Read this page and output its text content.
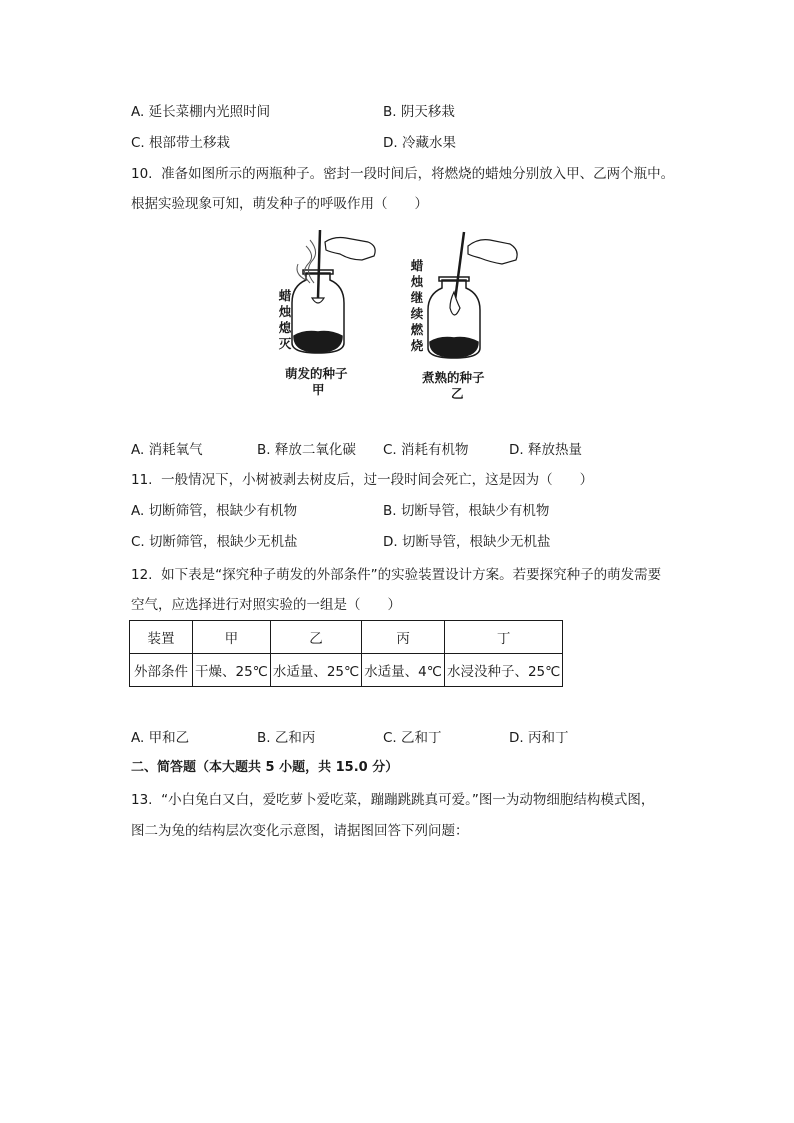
A. 延长菜棚内光照时间	B. 阴天移栽
C. 根部带土移栽	D. 冷藏水果
10. 准备如图所示的两瓶种子。密封一段时间后，将燃烧的蜡烛分别放入甲、乙两个瓶中。
根据实验现象可知，萌发种子的呼吸作用（　　）
蜡烛熄灭
萌发的种子
甲
蜡烛继续燃烧
煮熟的种子
乙
A. 消耗氧气	B. 释放二氧化碳 C. 消耗有机物	D. 释放热量
11. 一般情况下，小树被剥去树皮后，过一段时间会死亡，这是因为（　　）
A. 切断筛管，根缺少有机物	B. 切断导管，根缺少有机物
C. 切断筛管，根缺少无机盐	D. 切断导管，根缺少无机盐
12. 如下表是“探究种子萌发的外部条件”的实验装置设计方案。若要探究种子的萌发需要
空气，应选择进行对照实验的一组是（　　）
装置	甲	乙	丙	丁
外部条件	干燥、25℃	水适量、25℃	水适量、4℃	水浸没种子、25℃
A. 甲和乙	B. 乙和丙	C. 乙和丁	D. 丙和丁
二、简答题（本大题共 5 小题，共 15.0 分）
13. “小白兔白又白，爱吃萝卜爱吃菜，蹦蹦跳跳真可爱。”图一为动物细胞结构模式图，
图二为兔的结构层次变化示意图，请据图回答下列问题：
